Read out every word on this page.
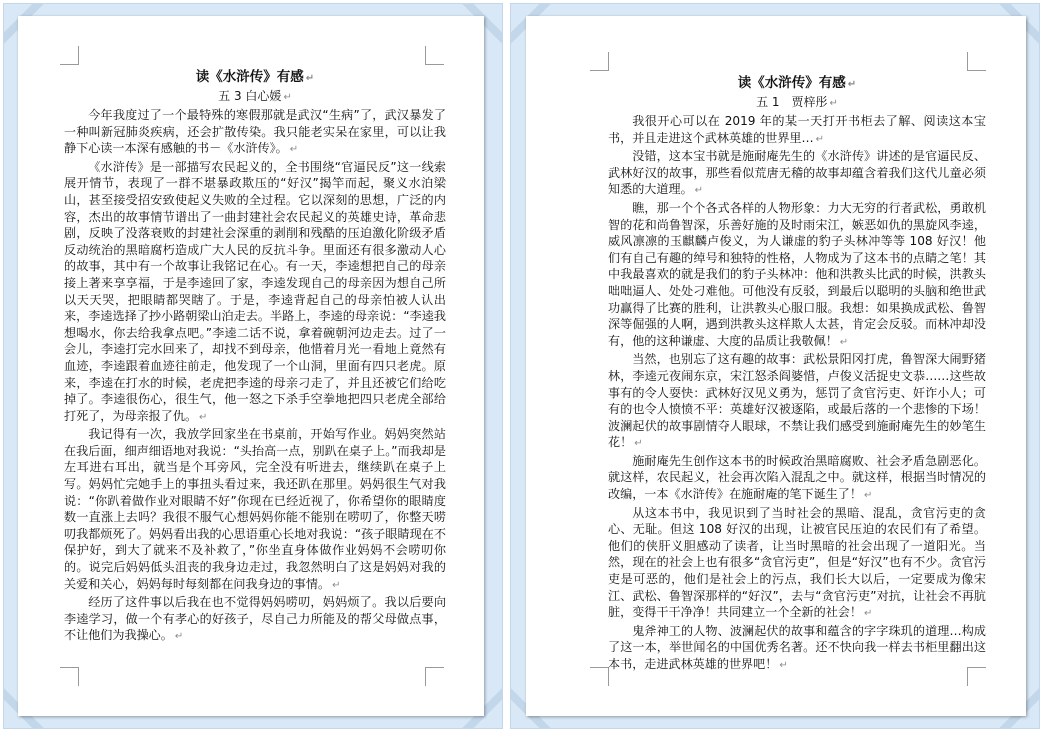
读《水浒传》有感 ↵

五 3 白心媛 ↵

今年我度过了一个最特殊的寒假那就是武汉“生病”了，武汉暴发了一种叫新冠肺炎疾病，还会扩散传染。我只能老实呆在家里，可以让我静下心读一本深有感触的书－《水浒传》。 ↵

《水浒传》是一部描写农民起义的，全书围绕“官逼民反”这一线索展开情节，表现了一群不堪暴政欺压的“好汉”揭竿而起，聚义水泊梁山，甚至接受招安致使起义失败的全过程。它以深刻的思想，广泛的内容，杰出的故事情节谱出了一曲封建社会农民起义的英雄史诗，革命悲剧，反映了没落衰败的封建社会深重的剥削和残酷的压迫激化阶级矛盾反动统治的黑暗腐朽造成广大人民的反抗斗争。里面还有很多激动人心的故事，其中有一个故事让我铭记在心。有一天，李逵想把自己的母亲接上著来享享福，于是李逵回了家，李逵发现自己的母亲因为想自己所以天天哭，把眼睛都哭瞎了。于是，李逵背起自己的母亲怕被人认出来，李逵选择了抄小路朝梁山泊走去。半路上，李逵的母亲说：“李逵我想喝水，你去给我拿点吧。”李逵二话不说，拿着碗朝河边走去。过了一会儿，李逵打完水回来了，却找不到母亲，他惜着月光一看地上竟然有血迹，李逵跟着血迹往前走，他发现了一个山洞，里面有四只老虎。原来，李逵在打水的时候，老虎把李逵的母亲刁走了，并且还被它们给吃掉了。李逵很伤心，很生气，他一怒之下杀手空拳地把四只老虎全部给打死了，为母亲报了仇。 ↵

我记得有一次，我放学回家坐在书桌前，开始写作业。妈妈突然站在我后面，细声细语地对我说：“头抬高一点，别趴在桌子上。”而我却是左耳进右耳出，就当是个耳旁风，完全没有听进去，继续趴在桌子上写。妈妈忙完她手上的事扭头看过来，我还趴在那里。妈妈很生气对我说：“你趴着做作业对眼睛不好”你现在已经近视了，你希望你的眼睛度数一直涨上去吗？我很不服气心想妈妈你能不能别在唠叨了，你整天唠叨我都烦死了。妈妈看出我的心思语重心长地对我说：“孩子眼睛现在不保护好，到大了就来不及补救了，”你坐直身体做作业妈妈不会唠叨你的。说完后妈妈低头沮丧的我身边走过，我忽然明白了这是妈妈对我的关爱和关心，妈妈每时每刻都在问我身边的事情。 ↵

经历了这件事以后我在也不觉得妈妈唠叨，妈妈烦了。我以后要向李逵学习，做一个有孝心的好孩子，尽自己力所能及的帮父母做点事，不让他们为我操心。 ↵

读《水浒传》有感 ↵

五 1　贾梓彤 ↵

我很开心可以在 2019 年的某一天打开书柜去了解、阅读这本宝书，并且走进这个武林英雄的世界里… ↵

没错，这本宝书就是施耐庵先生的《水浒传》讲述的是官逼民反、武林好汉的故事，那些看似荒唐无稽的故事却蕴含着我们这代儿童必须知悉的大道理。 ↵

瞧，那一个个各式各样的人物形象：力大无穷的行者武松，勇敢机智的花和尚鲁智深，乐善好施的及时雨宋江，嫉恶如仇的黑旋风李逵，威风凛凛的玉麒麟卢俊义，为人谦虚的豹子头林冲等等 108 好汉！他们有自己有趣的绰号和独特的性格，人物成为了这本书的点睛之笔！其中我最喜欢的就是我们的豹子头林冲：他和洪教头比武的时候，洪教头咄咄逼人、处处刁难他。可他没有反驳，到最后以聪明的头脑和绝世武功赢得了比赛的胜利，让洪教头心服口服。我想：如果换成武松、鲁智深等倔强的人啊，遇到洪教头这样欺人太甚，肯定会反驳。而林冲却没有，他的这种谦虚、大度的品质让我敬佩！ ↵

当然，也别忘了这有趣的故事：武松景阳冈打虎，鲁智深大闹野猪林，李逵元夜闹东京，宋江怒杀阎婆惜，卢俊义活捉史文恭……这些故事有的令人耍快：武林好汉见义勇为，惩罚了贪官污吏、奸诈小人；可有的也令人愤愤不平：英雄好汉被逐陷，或最后落的一个悲惨的下场！波澜起伏的故事剧情夺人眼球，不禁让我们感受到施耐庵先生的妙笔生花！ ↵

施耐庵先生创作这本书的时候政治黑暗腐败、社会矛盾急剧恶化。就这样，农民起义，社会再次陷入混乱之中。就这样，根据当时情况的改编，一本《水浒传》在施耐庵的笔下诞生了！ ↵

从这本书中，我见识到了当时社会的黑暗、混乱，贪官污吏的贪心、无耻。但这 108 好汉的出现，让被官民压迫的农民们有了希望。他们的侠肝义胆感动了读者，让当时黑暗的社会出现了一道阳光。当然，现在的社会上也有很多“贪官污吏”，但是“好汉”也有不少。贪官污吏是可恶的，他们是社会上的污点，我们长大以后，一定要成为像宋江、武松、鲁智深那样的“好汉”，去与“贪官污吏”对抗，让社会不再肮脏，变得干干净净！共同建立一个全新的社会！ ↵

鬼斧神工的人物、波澜起伏的故事和蕴含的字字珠玑的道理…构成了这一本，举世闻名的中国优秀名著。还不快向我一样去书柜里翻出这本书，走进武林英雄的世界吧！ ↵
